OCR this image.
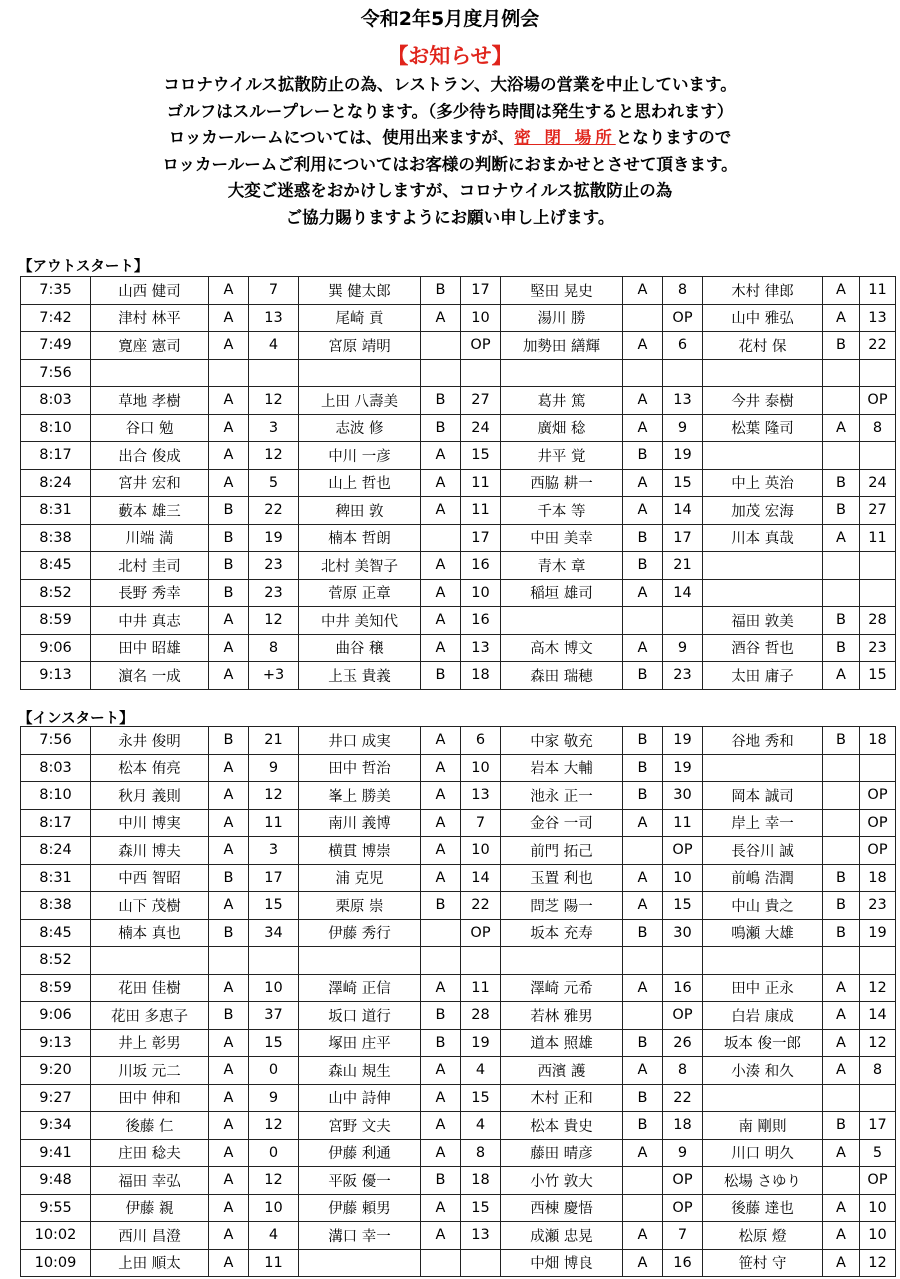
令和2年5月度月例会
【お知らせ】
コロナウイルス拡散防止の為、レストラン、大浴場の営業を中止しています。
ゴルフはスループレーとなります。（多少待ち時間は発生すると思われます）
ロッカールームについては、使用出来ますが、密 閉 場所となりますので
ロッカールームご利用についてはお客様の判断におまかせとさせて頂きます。
大変ご迷惑をおかけしますが、コロナウイルス拡散防止の為
ご協力賜りますようにお願い申し上げます。
【アウトスタート】
7:35	山西 健司	A	7	巽 健太郎	B	17	堅田 晃史	A	8	木村 律郎	A	11
7:42	津村 林平	A	13	尾崎 貢	A	10	湯川 勝		OP	山中 雅弘	A	13
7:49	寛座 憲司	A	4	宮原 靖明		OP	加勢田 繕輝	A	6	花村 保	B	22
7:56												
8:03	草地 孝樹	A	12	上田 八壽美	B	27	葛井 篤	A	13	今井 泰樹		OP
8:10	谷口 勉	A	3	志波 修	B	24	廣畑 稔	A	9	松葉 隆司	A	8
8:17	出合 俊成	A	12	中川 一彦	A	15	井平 覚	B	19			
8:24	宮井 宏和	A	5	山上 哲也	A	11	西脇 耕一	A	15	中上 英治	B	24
8:31	藪本 雄三	B	22	稗田 敦	A	11	千本 等	A	14	加茂 宏海	B	27
8:38	川端 満	B	19	楠本 哲朗		17	中田 美幸	B	17	川本 真哉	A	11
8:45	北村 圭司	B	23	北村 美智子	A	16	青木 章	B	21			
8:52	長野 秀幸	B	23	菅原 正章	A	10	稲垣 雄司	A	14			
8:59	中井 真志	A	12	中井 美知代	A	16				福田 敦美	B	28
9:06	田中 昭雄	A	8	曲谷 穣	A	13	高木 博文	A	9	酒谷 哲也	B	23
9:13	濵名 一成	A	+3	上玉 貴義	B	18	森田 瑞穂	B	23	太田 庸子	A	15
【インスタート】
7:56	永井 俊明	B	21	井口 成実	A	6	中家 敬充	B	19	谷地 秀和	B	18
8:03	松本 侑亮	A	9	田中 哲治	A	10	岩本 大輔	B	19			
8:10	秋月 義則	A	12	峯上 勝美	A	13	池永 正一	B	30	岡本 誠司		OP
8:17	中川 博実	A	11	南川 義博	A	7	金谷 一司	A	11	岸上 幸一		OP
8:24	森川 博夫	A	3	横貫 博崇	A	10	前門 拓己		OP	長谷川 誠		OP
8:31	中西 智昭	B	17	浦 克児	A	14	玉置 利也	A	10	前嶋 浩潤	B	18
8:38	山下 茂樹	A	15	栗原 崇	B	22	問芝 陽一	A	15	中山 貴之	B	23
8:45	楠本 真也	B	34	伊藤 秀行		OP	坂本 充寿	B	30	鳴瀬 大雄	B	19
8:52												
8:59	花田 佳樹	A	10	澤崎 正信	A	11	澤崎 元希	A	16	田中 正永	A	12
9:06	花田 多恵子	B	37	坂口 道行	B	28	若林 雅男		OP	白岩 康成	A	14
9:13	井上 彰男	A	15	塚田 庄平	B	19	道本 照雄	B	26	坂本 俊一郎	A	12
9:20	川坂 元二	A	0	森山 規生	A	4	西濱 護	A	8	小湊 和久	A	8
9:27	田中 伸和	A	9	山中 詩伸	A	15	木村 正和	B	22			
9:34	後藤 仁	A	12	宮野 文夫	A	4	松本 貴史	B	18	南 剛則	B	17
9:41	庄田 稔夫	A	0	伊藤 利通	A	8	藤田 晴彦	A	9	川口 明久	A	5
9:48	福田 幸弘	A	12	平阪 優一	B	18	小竹 敦大		OP	松場 さゆり		OP
9:55	伊藤 親	A	10	伊藤 頼男	A	15	西棟 慶悟		OP	後藤 達也	A	10
10:02	西川 昌澄	A	4	溝口 幸一	A	13	成瀬 忠晃	A	7	松原 燈	A	10
10:09	上田 順太	A	11				中畑 博良	A	16	笹村 守	A	12
